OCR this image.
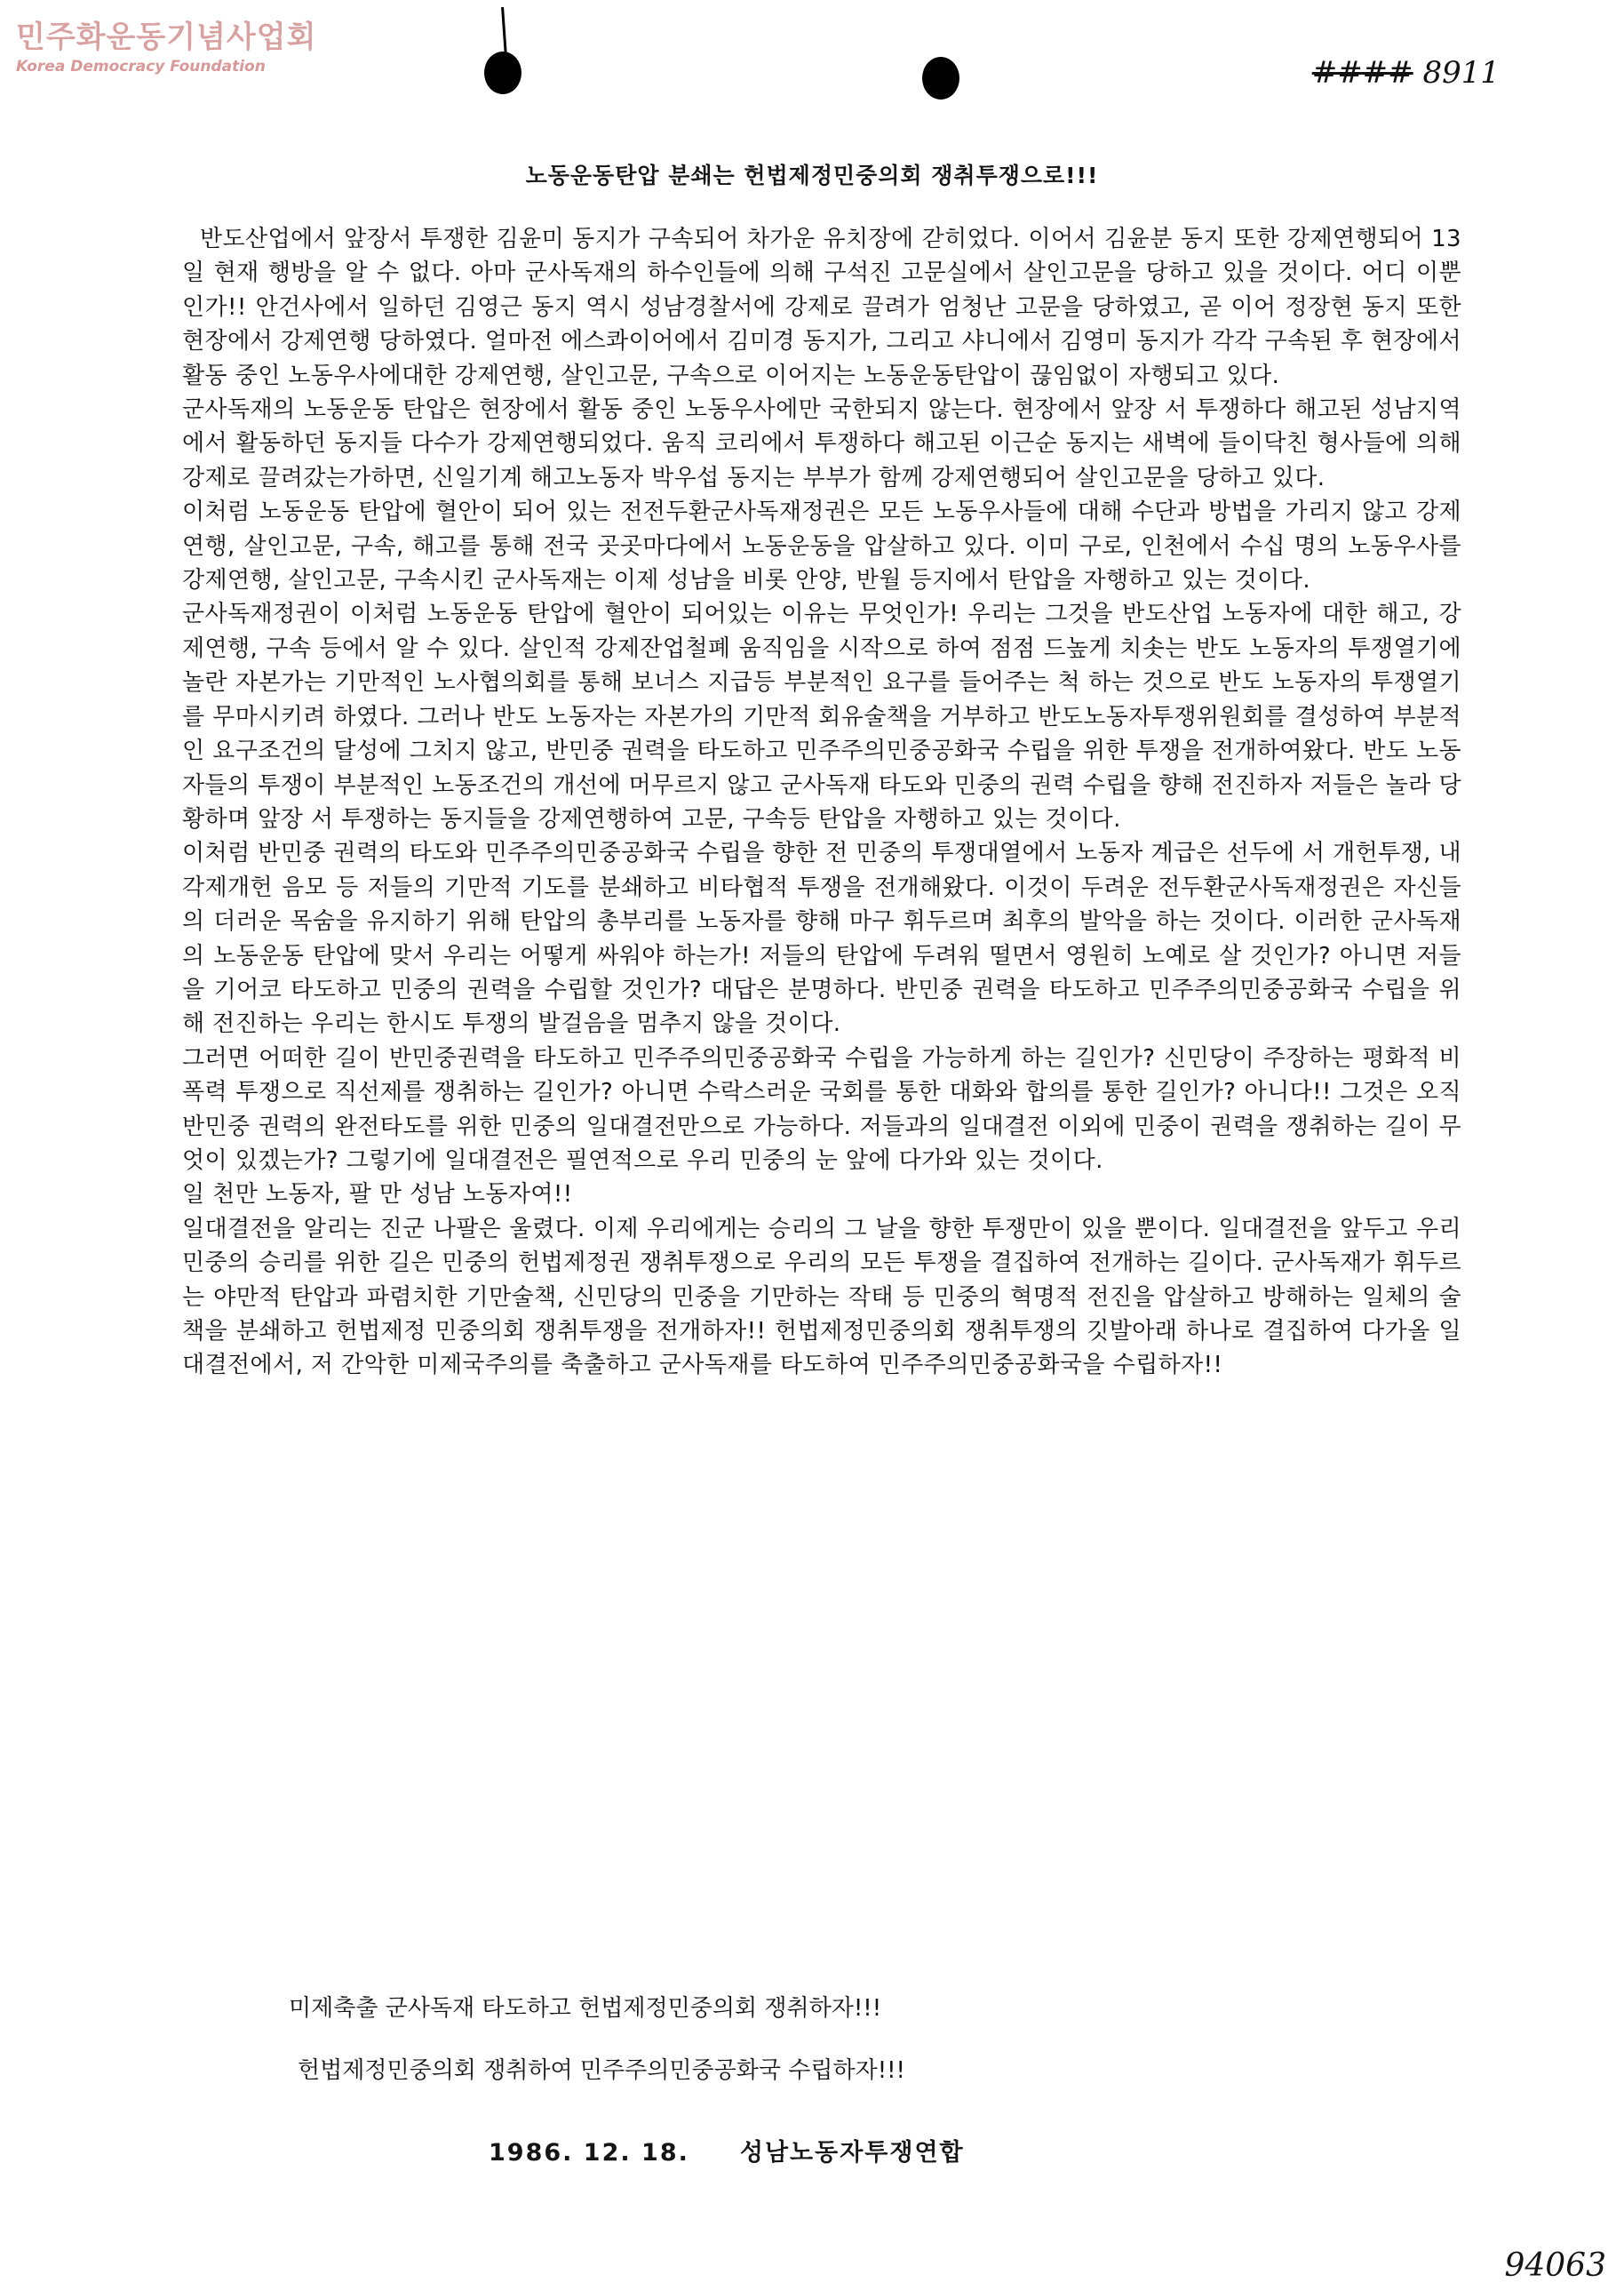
민주화운동기념사업회
Korea Democracy Foundation	#### 8911
노동운동탄압 분쇄는 헌법제정민중의회 쟁취투쟁으로!!!

반도산업에서 앞장서 투쟁한 김윤미 동지가 구속되어 차가운 유치장에 갇히었다. 이어서 김윤분 동지 또한 강제연행되어 13일 현재 행방을 알 수 없다. 아마 군사독재의 하수인들에 의해 구석진 고문실에서 살인고문을 당하고 있을 것이다. 어디 이뿐인가!! 안건사에서 일하던 김영근 동지 역시 성남경찰서에 강제로 끌려가 엄청난 고문을 당하였고, 곧 이어 정장현 동지 또한 현장에서 강제연행 당하였다. 얼마전 에스콰이어에서 김미경 동지가, 그리고 샤니에서 김영미 동지가 각각 구속된 후 현장에서 활동 중인 노동우사에대한 강제연행, 살인고문, 구속으로 이어지는 노동운동탄압이 끊임없이 자행되고 있다.

군사독재의 노동운동 탄압은 현장에서 활동 중인 노동우사에만 국한되지 않는다. 현장에서 앞장 서 투쟁하다 해고된 성남지역에서 활동하던 동지들 다수가 강제연행되었다. 움직 코리에서 투쟁하다 해고된 이근순 동지는 새벽에 들이닥친 형사들에 의해 강제로 끌려갔는가하면, 신일기계 해고노동자 박우섭 동지는 부부가 함께 강제연행되어 살인고문을 당하고 있다.

이처럼 노동운동 탄압에 혈안이 되어 있는 전전두환군사독재정권은 모든 노동우사들에 대해 수단과 방법을 가리지 않고 강제연행, 살인고문, 구속, 해고를 통해 전국 곳곳마다에서 노동운동을 압살하고 있다. 이미 구로, 인천에서 수십 명의 노동우사를 강제연행, 살인고문, 구속시킨 군사독재는 이제 성남을 비롯 안양, 반월 등지에서 탄압을 자행하고 있는 것이다.

군사독재정권이 이처럼 노동운동 탄압에 혈안이 되어있는 이유는 무엇인가! 우리는 그것을 반도산업 노동자에 대한 해고, 강제연행, 구속 등에서 알 수 있다. 살인적 강제잔업철폐 움직임을 시작으로 하여 점점 드높게 치솟는 반도 노동자의 투쟁열기에 놀란 자본가는 기만적인 노사협의회를 통해 보너스 지급등 부분적인 요구를 들어주는 척 하는 것으로 반도 노동자의 투쟁열기를 무마시키려 하였다. 그러나 반도 노동자는 자본가의 기만적 회유술책을 거부하고 반도노동자투쟁위원회를 결성하여 부분적인 요구조건의 달성에 그치지 않고, 반민중 권력을 타도하고 민주주의민중공화국 수립을 위한 투쟁을 전개하여왔다. 반도 노동자들의 투쟁이 부분적인 노동조건의 개선에 머무르지 않고 군사독재 타도와 민중의 권력 수립을 향해 전진하자 저들은 놀라 당황하며 앞장 서 투쟁하는 동지들을 강제연행하여 고문, 구속등 탄압을 자행하고 있는 것이다.

이처럼 반민중 권력의 타도와 민주주의민중공화국 수립을 향한 전 민중의 투쟁대열에서 노동자 계급은 선두에 서 개헌투쟁, 내각제개헌 음모 등 저들의 기만적 기도를 분쇄하고 비타협적 투쟁을 전개해왔다. 이것이 두려운 전두환군사독재정권은 자신들의 더러운 목숨을 유지하기 위해 탄압의 총부리를 노동자를 향해 마구 휘두르며 최후의 발악을 하는 것이다. 이러한 군사독재의 노동운동 탄압에 맞서 우리는 어떻게 싸워야 하는가! 저들의 탄압에 두려워 떨면서 영원히 노예로 살 것인가? 아니면 저들을 기어코 타도하고 민중의 권력을 수립할 것인가? 대답은 분명하다. 반민중 권력을 타도하고 민주주의민중공화국 수립을 위해 전진하는 우리는 한시도 투쟁의 발걸음을 멈추지 않을 것이다.

그러면 어떠한 길이 반민중권력을 타도하고 민주주의민중공화국 수립을 가능하게 하는 길인가? 신민당이 주장하는 평화적 비폭력 투쟁으로 직선제를 쟁취하는 길인가? 아니면 수락스러운 국회를 통한 대화와 합의를 통한 길인가? 아니다!! 그것은 오직 반민중 권력의 완전타도를 위한 민중의 일대결전만으로 가능하다. 저들과의 일대결전 이외에 민중이 권력을 쟁취하는 길이 무엇이 있겠는가? 그렇기에 일대결전은 필연적으로 우리 민중의 눈 앞에 다가와 있는 것이다.

일 천만 노동자, 팔 만 성남 노동자여!!

일대결전을 알리는 진군 나팔은 울렸다. 이제 우리에게는 승리의 그 날을 향한 투쟁만이 있을 뿐이다. 일대결전을 앞두고 우리 민중의 승리를 위한 길은 민중의 헌법제정권 쟁취투쟁으로 우리의 모든 투쟁을 결집하여 전개하는 길이다. 군사독재가 휘두르는 야만적 탄압과 파렴치한 기만술책, 신민당의 민중을 기만하는 작태 등 민중의 혁명적 전진을 압살하고 방해하는 일체의 술책을 분쇄하고 헌법제정 민중의회 쟁취투쟁을 전개하자!! 헌법제정민중의회 쟁취투쟁의 깃발아래 하나로 결집하여 다가올 일대결전에서, 저 간악한 미제국주의를 축출하고 군사독재를 타도하여 민주주의민중공화국을 수립하자!!

미제축출 군사독재 타도하고 헌법제정민중의회 쟁취하자!!!
헌법제정민중의회 쟁취하여 민주주의민중공화국 수립하자!!!
1986. 12. 18. 성남노동자투쟁연합
94063
